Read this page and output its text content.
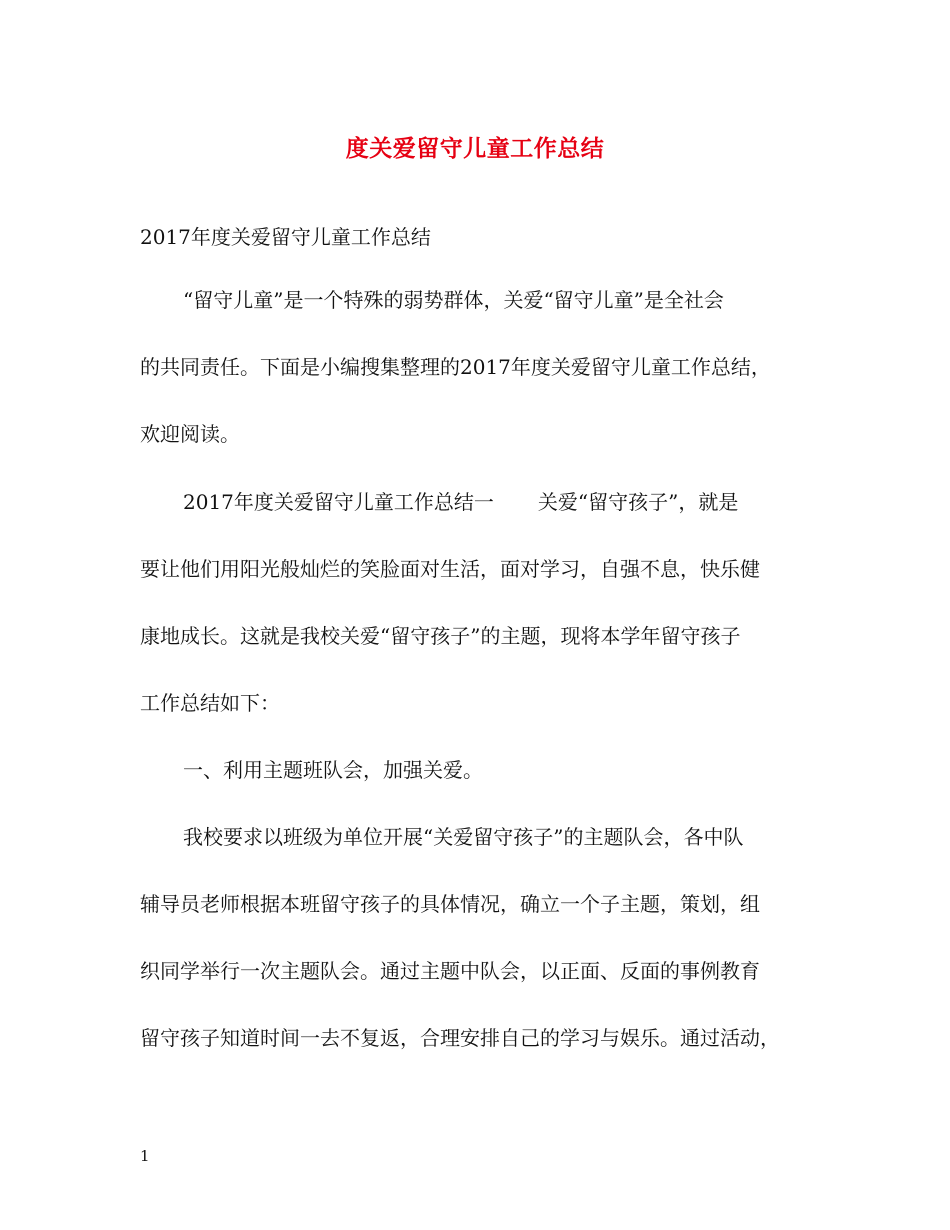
度关爱留守儿童工作总结
2017年度关爱留守儿童工作总结
“留守儿童”是一个特殊的弱势群体，关爱“留守儿童”是全社会
的共同责任。下面是小编搜集整理的2017年度关爱留守儿童工作总结，
欢迎阅读。
2017年度关爱留守儿童工作总结一 关爱“留守孩子”，就是
要让他们用阳光般灿烂的笑脸面对生活，面对学习，自强不息，快乐健
康地成长。这就是我校关爱“留守孩子”的主题，现将本学年留守孩子
工作总结如下：
一、利用主题班队会，加强关爱。
我校要求以班级为单位开展“关爱留守孩子”的主题队会，各中队
辅导员老师根据本班留守孩子的具体情况，确立一个子主题，策划，组
织同学举行一次主题队会。通过主题中队会，以正面、反面的事例教育
留守孩子知道时间一去不复返，合理安排自己的学习与娱乐。通过活动，
1
